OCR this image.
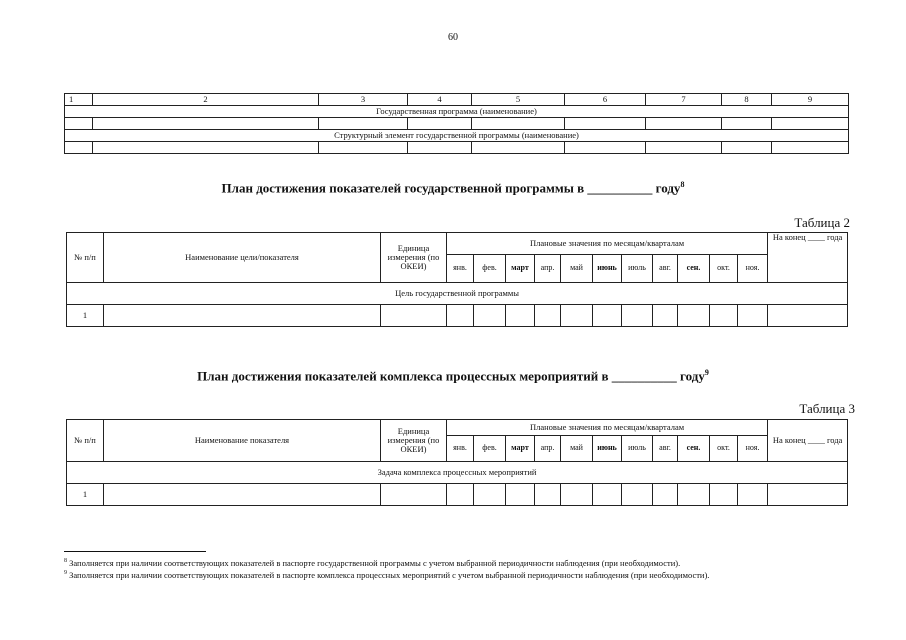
60
1	2	3	4	5	6	7	8	9
Государственная программа (наименование)								

Структурный элемент государственной программы (наименование)								

План достижения показателей государственной программы в __________ году$^8$
Таблица 2
№ п/п	Наименование цели/показателя	Единица измерения (по ОКЕИ)	Плановые значения по месяцам/кварталам											На конец ____ года
			янв.	фев.	март	апр.	май	июнь	июль	авг.	сен.	окт.	ноя.	
Цель государственной программы														
1														
План достижения показателей комплекса процессных мероприятий в __________ году$^9$
Таблица 3
№ п/п	Наименование показателя	Единица измерения (по ОКЕИ)	Плановые значения по месяцам/кварталам											На конец ____ года
			янв.	фев.	март	апр.	май	июнь	июль	авг.	сен.	окт.	ноя.	
Задача комплекса процессных мероприятий														
1														
$^8$ Заполняется при наличии соответствующих показателей в паспорте государственной программы с учетом выбранной периодичности наблюдения (при необходимости).
$^9$ Заполняется при наличии соответствующих показателей в паспорте комплекса процессных мероприятий с учетом выбранной периодичности наблюдения (при необходимости).
